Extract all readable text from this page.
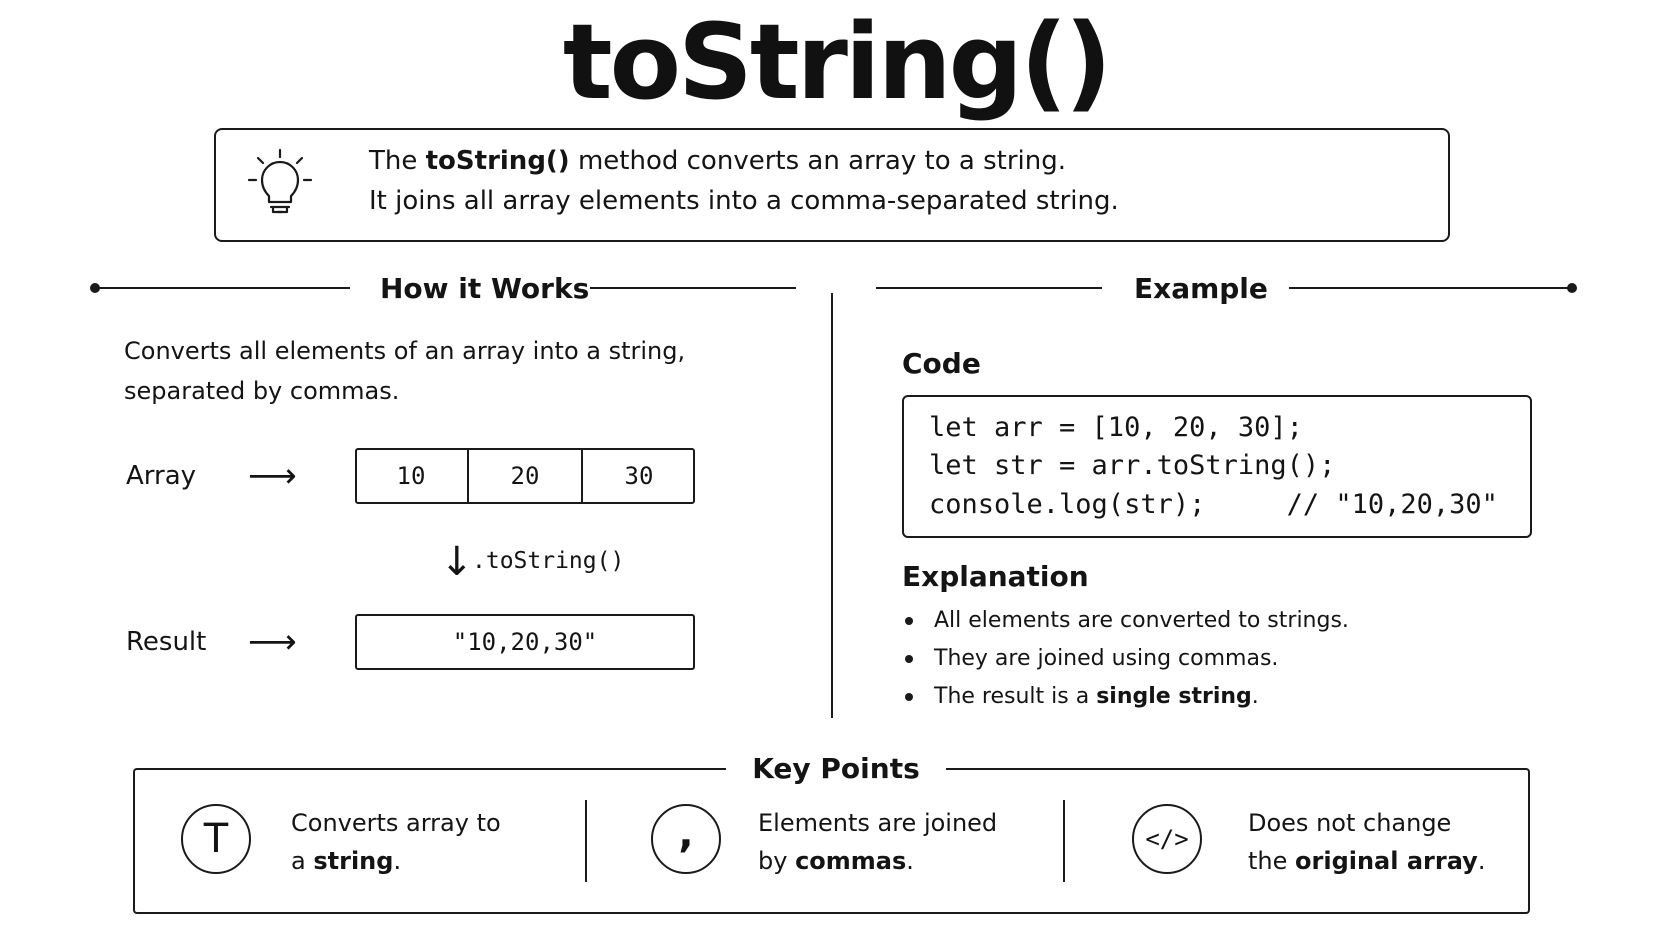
toString()
The toString() method converts an array to a string.
It joins all array elements into a comma-separated string.
How it Works	Example
Converts all elements of an array into a string,
separated by commas.
Array ⟶	10	20	30
↓
.toString()
Result ⟶	"10,20,30"
Code
let arr = [10, 20, 30];
let str = arr.toString();
console.log(str);     // "10,20,30"
Explanation
All elements are converted to strings.
They are joined using commas.
The result is a single string.
Key Points
T	Converts array to
a string.
,	Elements are joined
by commas.
</>
Does not change
the original array.
